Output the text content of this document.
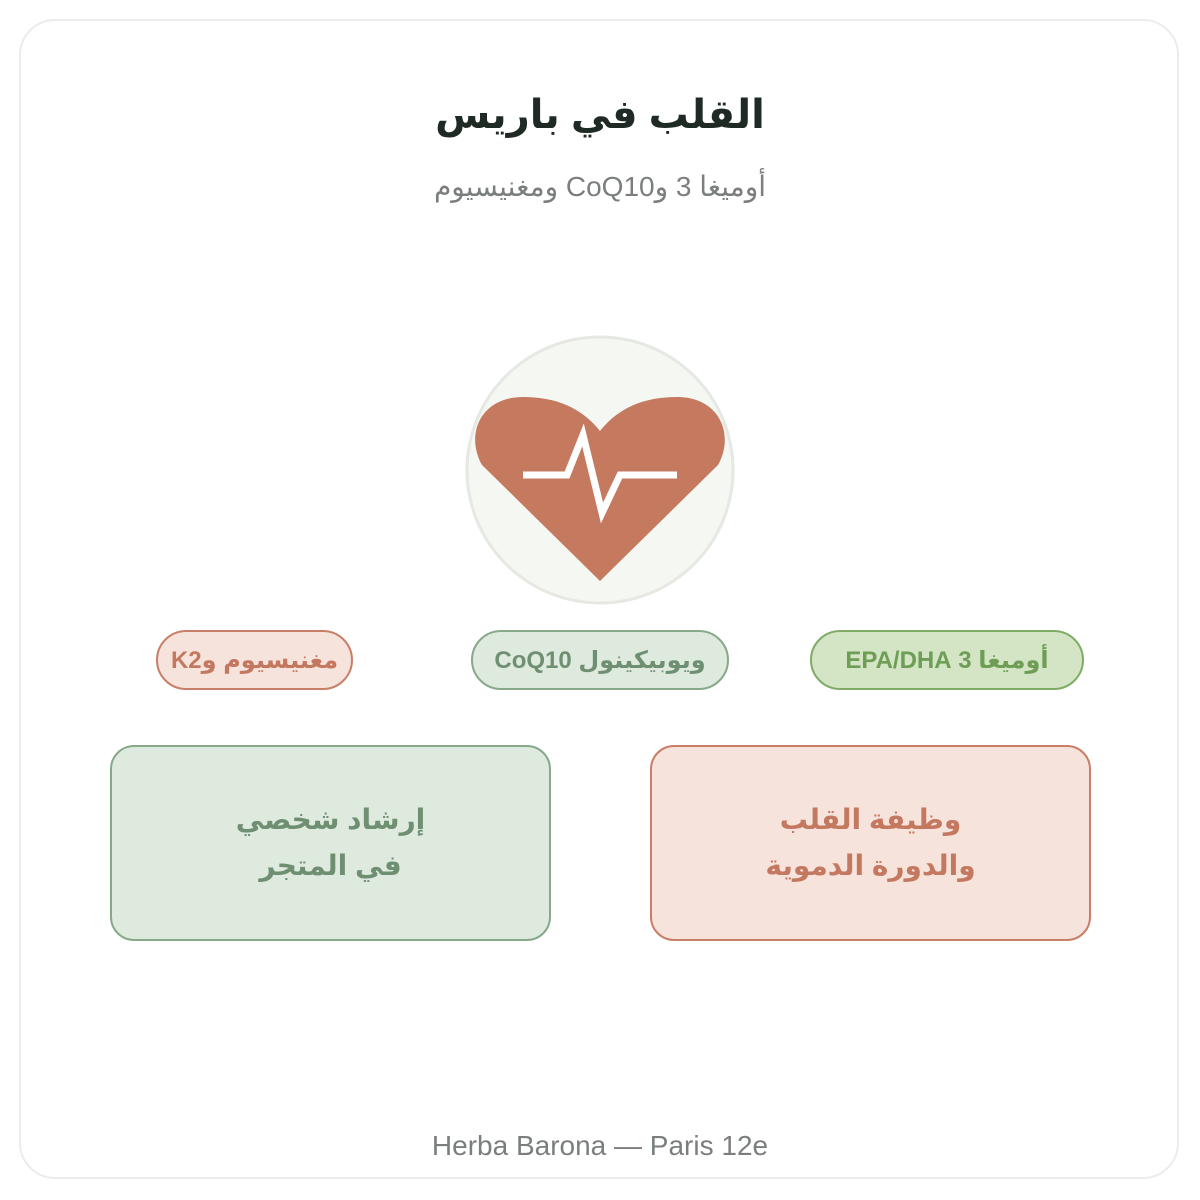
القلب في باريس
أوميغا 3 وCoQ10 ومغنيسيوم
أوميغا 3 EPA/DHA
ويوبيكينول CoQ10
مغنيسيوم وK2
وظيفة القلب
والدورة الدموية
إرشاد شخصي
في المتجر
Herba Barona — Paris 12e
